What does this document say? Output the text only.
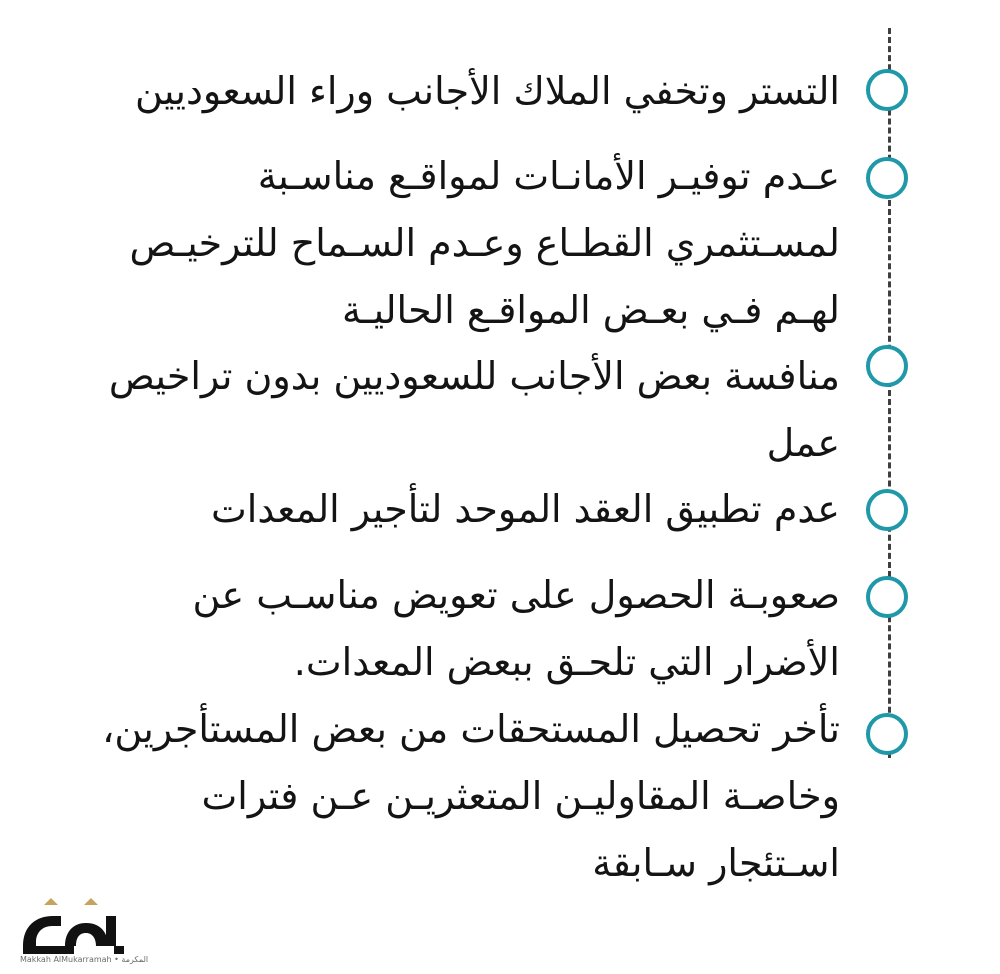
التستر وتخفي الملاك الأجانب وراء السعوديين

عـدم توفيـر الأمانـات لمواقـع مناسـبة لمسـتثمري القطـاع وعـدم السـماح للترخيـص لهـم فـي بعـض المواقـع الحاليـة

منافسة بعض الأجانب للسعوديين بدون تراخيص عمل

عدم تطبيق العقد الموحد لتأجير المعدات

صعوبـة الحصول على تعويض مناسـب عن الأضرار التي تلحـق ببعض المعدات.

تأخر تحصيل المستحقات من بعض المستأجرين، وخاصـة المقاوليـن المتعثريـن عـن فترات اسـتئجار سـابقة

Makkah AlMukarramah • المكرمة
